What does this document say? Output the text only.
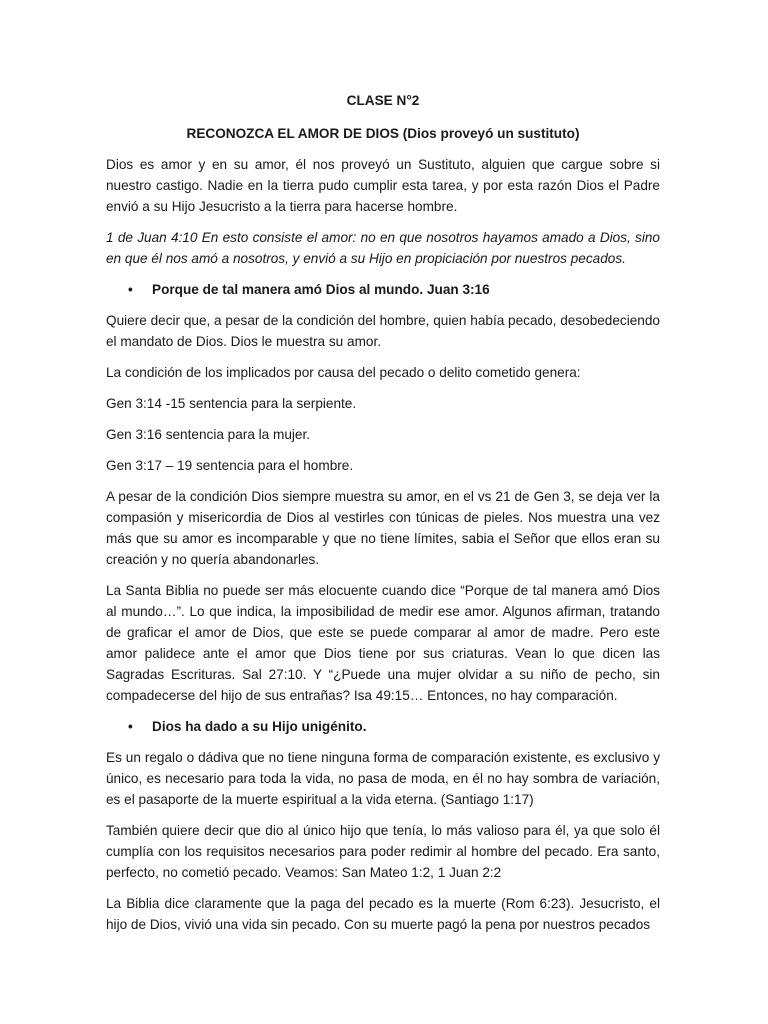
CLASE N°2
RECONOZCA EL AMOR DE DIOS (Dios proveyó un sustituto)

Dios es amor y en su amor, él nos proveyó un Sustituto, alguien que cargue sobre si nuestro castigo. Nadie en la tierra pudo cumplir esta tarea, y por esta razón Dios el Padre envió a su Hijo Jesucristo a la tierra para hacerse hombre.

1 de Juan 4:10 En esto consiste el amor: no en que nosotros hayamos amado a Dios, sino en que él nos amó a nosotros, y envió a su Hijo en propiciación por nuestros pecados.

•	Porque de tal manera amó Dios al mundo. Juan 3:16

Quiere decir que, a pesar de la condición del hombre, quien había pecado, desobedeciendo el mandato de Dios. Dios le muestra su amor.

La condición de los implicados por causa del pecado o delito cometido genera:

Gen 3:14 -15 sentencia para la serpiente.

Gen 3:16 sentencia para la mujer.

Gen 3:17 – 19 sentencia para el hombre.

A pesar de la condición Dios siempre muestra su amor, en el vs 21 de Gen 3, se deja ver la compasión y misericordia de Dios al vestirles con túnicas de pieles. Nos muestra una vez más que su amor es incomparable y que no tiene límites, sabia el Señor que ellos eran su creación y no quería abandonarles.

La Santa Biblia no puede ser más elocuente cuando dice “Porque de tal manera amó Dios al mundo…”. Lo que indica, la imposibilidad de medir ese amor. Algunos afirman, tratando de graficar el amor de Dios, que este se puede comparar al amor de madre. Pero este amor palidece ante el amor que Dios tiene por sus criaturas. Vean lo que dicen las Sagradas Escrituras. Sal 27:10. Y “¿Puede una mujer olvidar a su niño de pecho, sin compadecerse del hijo de sus entrañas? Isa 49:15… Entonces, no hay comparación.

•	Dios ha dado a su Hijo unigénito.

Es un regalo o dádiva que no tiene ninguna forma de comparación existente, es exclusivo y único, es necesario para toda la vida, no pasa de moda, en él no hay sombra de variación, es el pasaporte de la muerte espiritual a la vida eterna. (Santiago 1:17)

También quiere decir que dio al único hijo que tenía, lo más valioso para él, ya que solo él cumplía con los requisitos necesarios para poder redimir al hombre del pecado. Era santo, perfecto, no cometió pecado. Veamos: San Mateo 1:2, 1 Juan 2:2

La Biblia dice claramente que la paga del pecado es la muerte (Rom 6:23). Jesucristo, el hijo de Dios, vivió una vida sin pecado. Con su muerte pagó la pena por nuestros pecados
